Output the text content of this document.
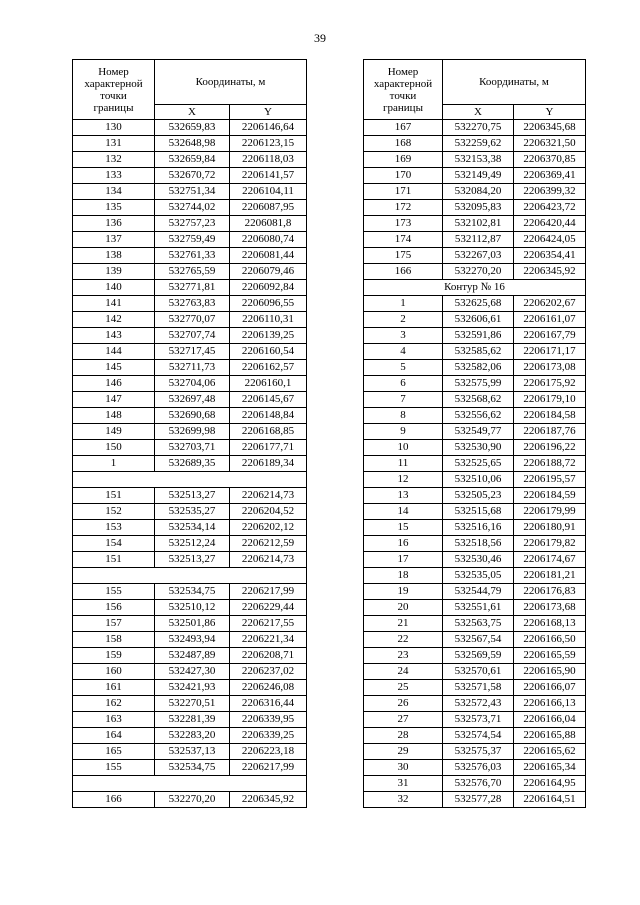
39
Номер
характерной
точки
границы	Координаты, м	
	X	Y
130	532659,83	2206146,64
131	532648,98	2206123,15
132	532659,84	2206118,03
133	532670,72	2206141,57
134	532751,34	2206104,11
135	532744,02	2206087,95
136	532757,23	2206081,8
137	532759,49	2206080,74
138	532761,33	2206081,44
139	532765,59	2206079,46
140	532771,81	2206092,84
141	532763,83	2206096,55
142	532770,07	2206110,31
143	532707,74	2206139,25
144	532717,45	2206160,54
145	532711,73	2206162,57
146	532704,06	2206160,1
147	532697,48	2206145,67
148	532690,68	2206148,84
149	532699,98	2206168,85
150	532703,71	2206177,71
1	532689,35	2206189,34

151	532513,27	2206214,73
152	532535,27	2206204,52
153	532534,14	2206202,12
154	532512,24	2206212,59
151	532513,27	2206214,73

155	532534,75	2206217,99
156	532510,12	2206229,44
157	532501,86	2206217,55
158	532493,94	2206221,34
159	532487,89	2206208,71
160	532427,30	2206237,02
161	532421,93	2206246,08
162	532270,51	2206316,44
163	532281,39	2206339,95
164	532283,20	2206339,25
165	532537,13	2206223,18
155	532534,75	2206217,99

166	532270,20	2206345,92
Номер
характерной
точки
границы	Координаты, м	
	X	Y
167	532270,75	2206345,68
168	532259,62	2206321,50
169	532153,38	2206370,85
170	532149,49	2206369,41
171	532084,20	2206399,32
172	532095,83	2206423,72
173	532102,81	2206420,44
174	532112,87	2206424,05
175	532267,03	2206354,41
166	532270,20	2206345,92
Контур № 16		
1	532625,68	2206202,67
2	532606,61	2206161,07
3	532591,86	2206167,79
4	532585,62	2206171,17
5	532582,06	2206173,08
6	532575,99	2206175,92
7	532568,62	2206179,10
8	532556,62	2206184,58
9	532549,77	2206187,76
10	532530,90	2206196,22
11	532525,65	2206188,72
12	532510,06	2206195,57
13	532505,23	2206184,59
14	532515,68	2206179,99
15	532516,16	2206180,91
16	532518,56	2206179,82
17	532530,46	2206174,67
18	532535,05	2206181,21
19	532544,79	2206176,83
20	532551,61	2206173,68
21	532563,75	2206168,13
22	532567,54	2206166,50
23	532569,59	2206165,59
24	532570,61	2206165,90
25	532571,58	2206166,07
26	532572,43	2206166,13
27	532573,71	2206166,04
28	532574,54	2206165,88
29	532575,37	2206165,62
30	532576,03	2206165,34
31	532576,70	2206164,95
32	532577,28	2206164,51
